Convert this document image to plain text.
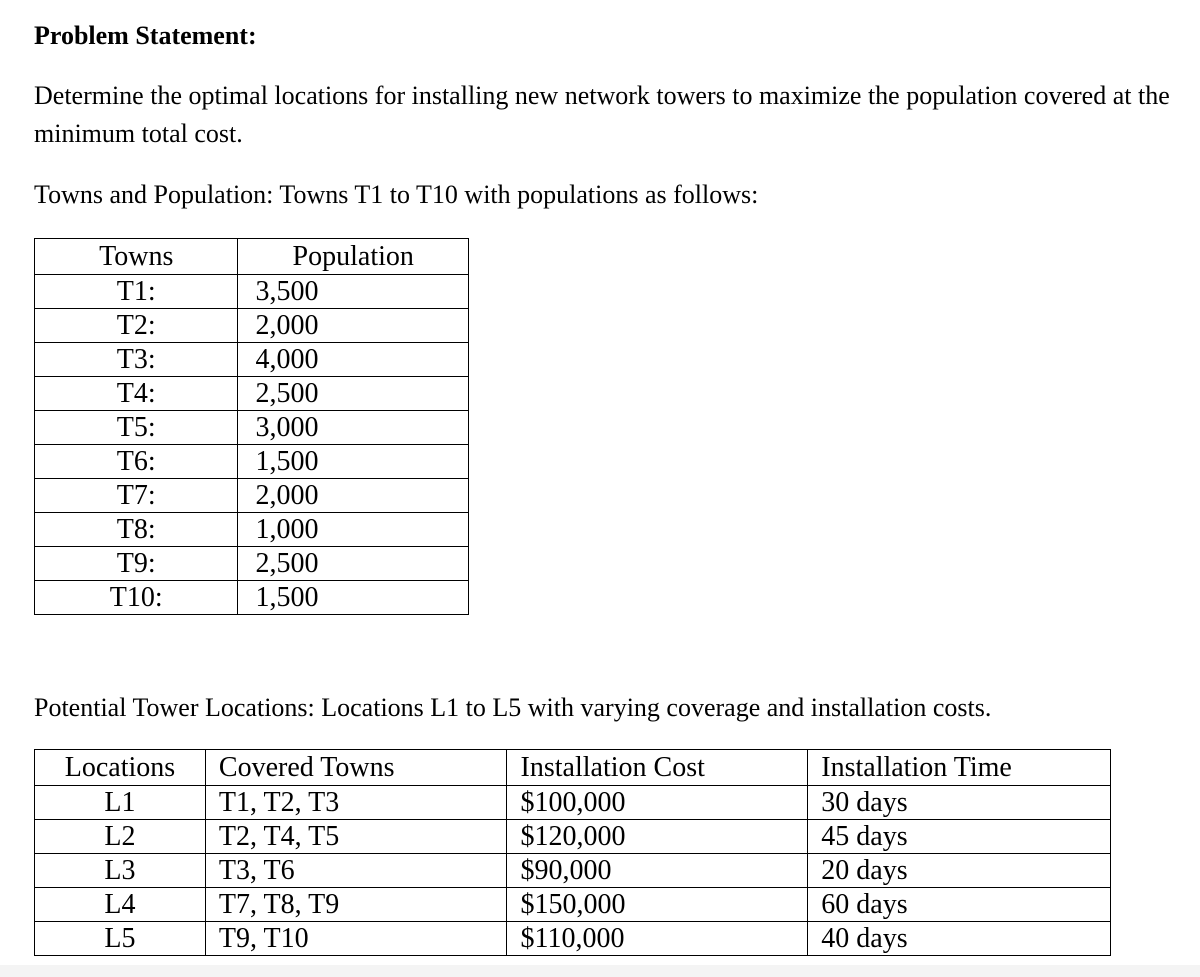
Problem Statement:
Determine the optimal locations for installing new network towers to maximize the population covered at the minimum total cost.
Towns and Population: Towns T1 to T10 with populations as follows:
Towns	Population
T1:	3,500
T2:	2,000
T3:	4,000
T4:	2,500
T5:	3,000
T6:	1,500
T7:	2,000
T8:	1,000
T9:	2,500
T10:	1,500
Potential Tower Locations: Locations L1 to L5 with varying coverage and installation costs.
Locations	Covered Towns	Installation Cost	Installation Time
L1	T1, T2, T3	$100,000	30 days
L2	T2, T4, T5	$120,000	45 days
L3	T3, T6	$90,000	20 days
L4	T7, T8, T9	$150,000	60 days
L5	T9, T10	$110,000	40 days
